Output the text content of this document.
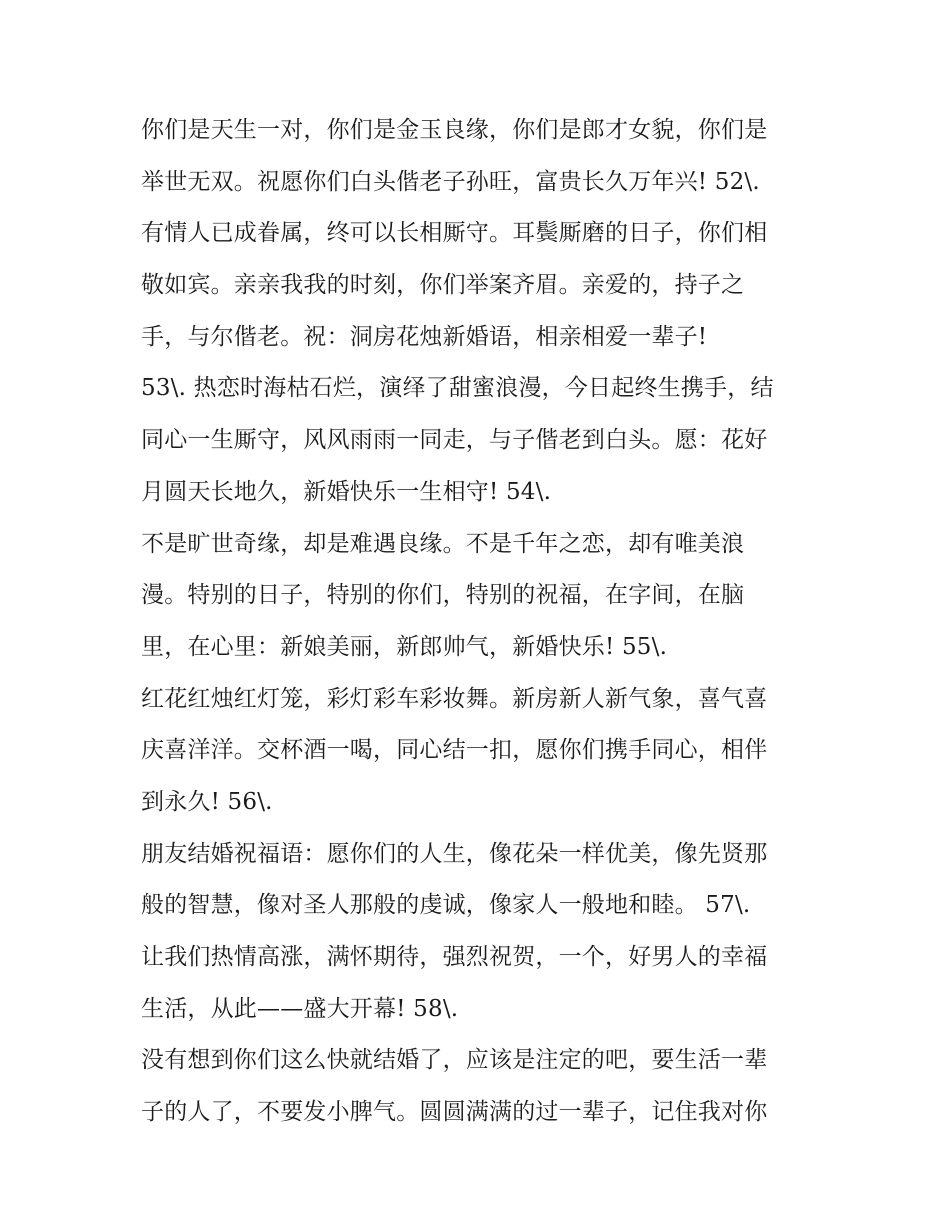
你们是天生一对，你们是金玉良缘，你们是郎才女貌，你们是
举世无双。祝愿你们白头偕老子孙旺，富贵长久万年兴! 52\.
有情人已成眷属，终可以长相厮守。耳鬓厮磨的日子，你们相
敬如宾。亲亲我我的时刻，你们举案齐眉。亲爱的，持子之
手，与尔偕老。祝：洞房花烛新婚语，相亲相爱一辈子!
53\. 热恋时海枯石烂，演绎了甜蜜浪漫，今日起终生携手，结
同心一生厮守，风风雨雨一同走，与子偕老到白头。愿：花好
月圆天长地久，新婚快乐一生相守! 54\.
不是旷世奇缘，却是难遇良缘。不是千年之恋，却有唯美浪
漫。特别的日子，特别的你们，特别的祝福，在字间，在脑
里，在心里：新娘美丽，新郎帅气，新婚快乐! 55\.
红花红烛红灯笼，彩灯彩车彩妆舞。新房新人新气象，喜气喜
庆喜洋洋。交杯酒一喝，同心结一扣，愿你们携手同心，相伴
到永久! 56\.
朋友结婚祝福语：愿你们的人生，像花朵一样优美，像先贤那
般的智慧，像对圣人那般的虔诚，像家人一般地和睦。 57\.
让我们热情高涨，满怀期待，强烈祝贺，一个，好男人的幸福
生活，从此——盛大开幕! 58\.
没有想到你们这么快就结婚了，应该是注定的吧，要生活一辈
子的人了，不要发小脾气。圆圆满满的过一辈子，记住我对你
